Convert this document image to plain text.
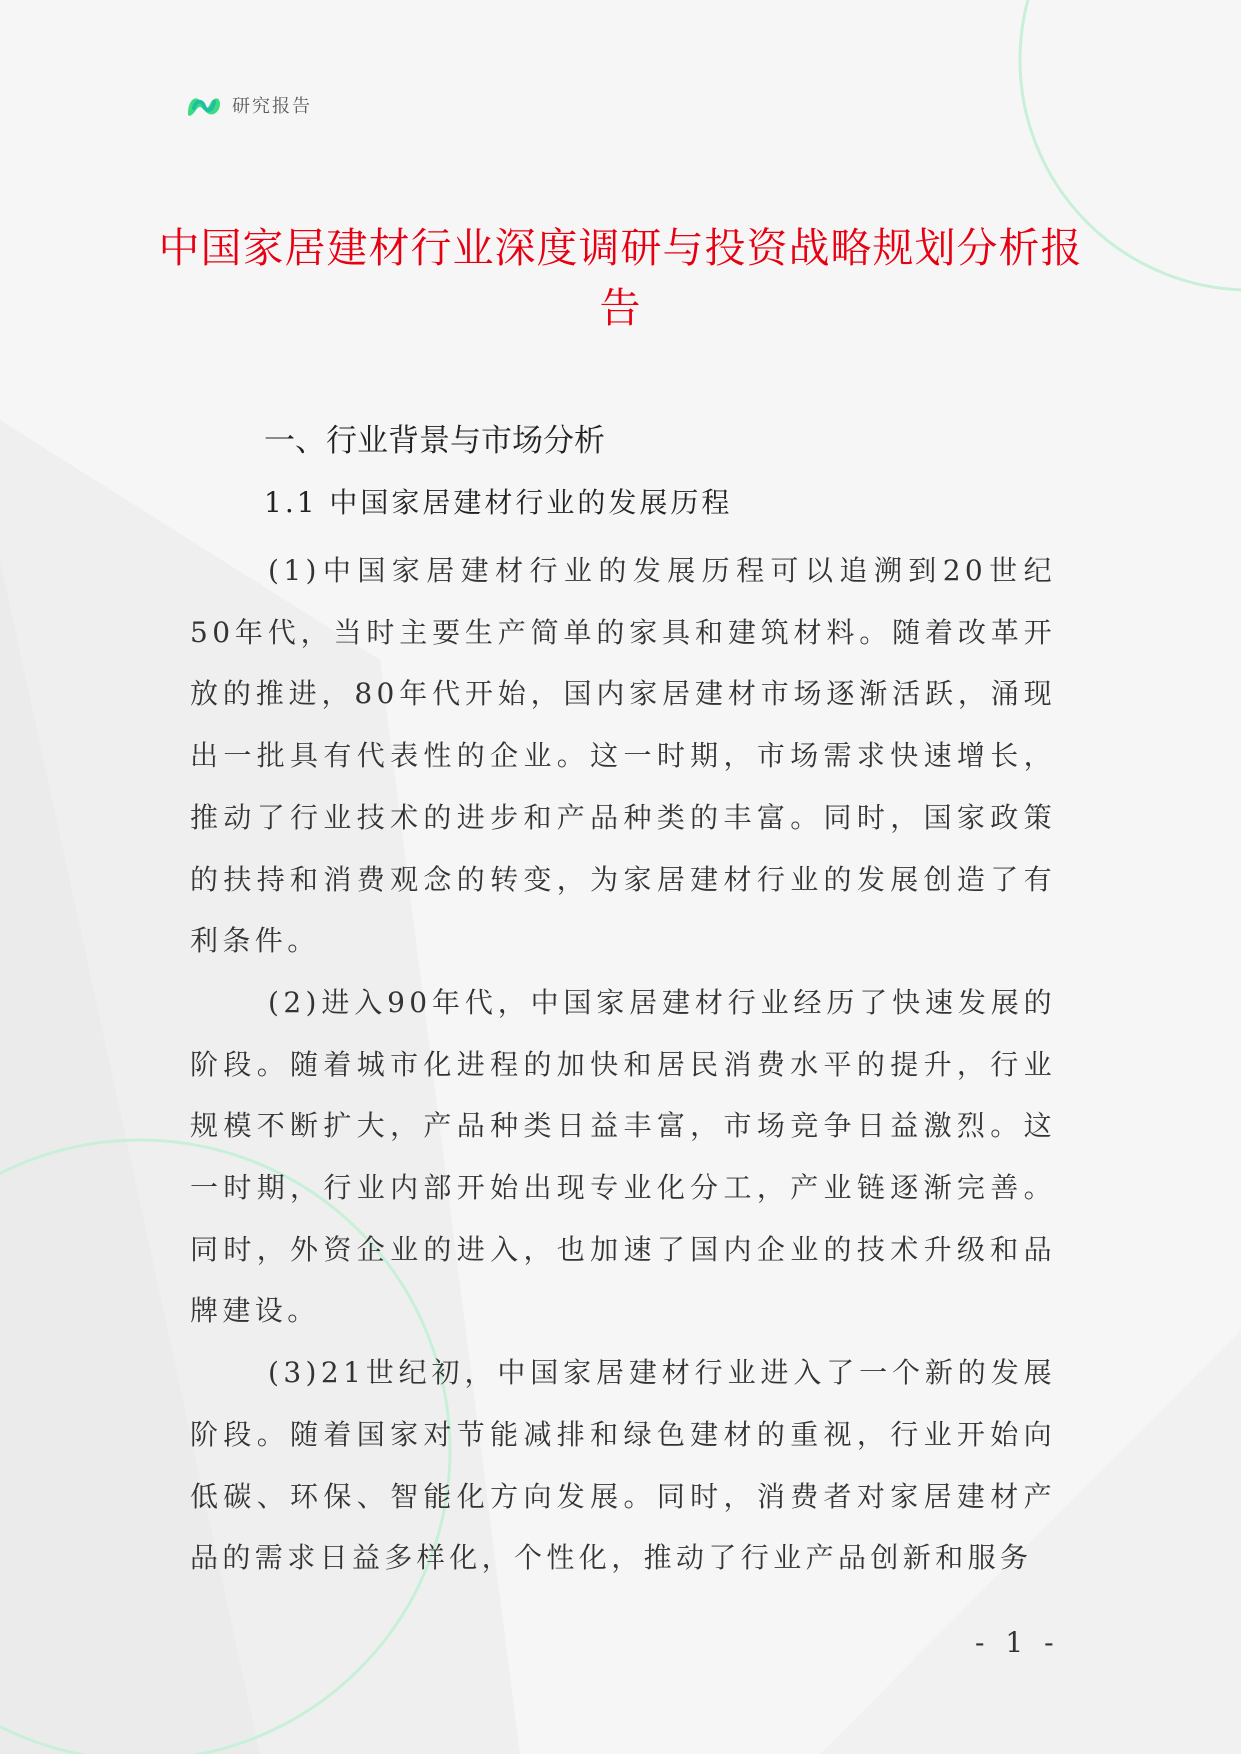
研究报告
中国家居建材行业深度调研与投资战略规划分析报告
一、行业背景与市场分析
1.1 中国家居建材行业的发展历程

(1)中国家居建材行业的发展历程可以追溯到20世纪50年代，当时主要生产简单的家具和建筑材料。随着改革开放的推进，80年代开始，国内家居建材市场逐渐活跃，涌现出一批具有代表性的企业。这一时期，市场需求快速增长，推动了行业技术的进步和产品种类的丰富。同时，国家政策的扶持和消费观念的转变，为家居建材行业的发展创造了有利条件。

(2)进入90年代，中国家居建材行业经历了快速发展的阶段。随着城市化进程的加快和居民消费水平的提升，行业规模不断扩大，产品种类日益丰富，市场竞争日益激烈。这一时期，行业内部开始出现专业化分工，产业链逐渐完善。同时，外资企业的进入，也加速了国内企业的技术升级和品牌建设。

(3)21世纪初，中国家居建材行业进入了一个新的发展阶段。随着国家对节能减排和绿色建材的重视，行业开始向低碳、环保、智能化方向发展。同时，消费者对家居建材产品的需求日益多样化，个性化，推动了行业产品创新和服务

- 1 -
